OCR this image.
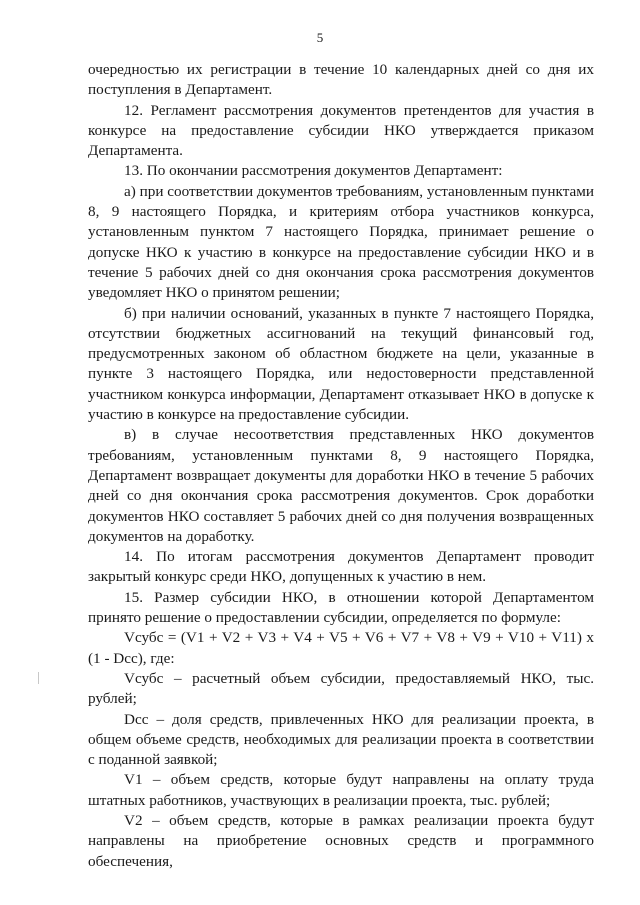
5

очередностью их регистрации в течение 10 календарных дней со дня их поступления в Департамент.

12. Регламент рассмотрения документов претендентов для участия в конкурсе на предоставление субсидии НКО утверждается приказом Департамента.

13. По окончании рассмотрения документов Департамент:

а) при соответствии документов требованиям, установленным пунктами 8, 9 настоящего Порядка, и критериям отбора участников конкурса, установленным пунктом 7 настоящего Порядка, принимает решение о допуске НКО к участию в конкурсе на предоставление субсидии НКО и в течение 5 рабочих дней со дня окончания срока рассмотрения документов уведомляет НКО о принятом решении;

б) при наличии оснований, указанных в пункте 7 настоящего Порядка, отсутствии бюджетных ассигнований на текущий финансовый год, предусмотренных законом об областном бюджете на цели, указанные в пункте 3 настоящего Порядка, или недостоверности представленной участником конкурса информации, Департамент отказывает НКО в допуске к участию в конкурсе на предоставление субсидии.

в) в случае несоответствия представленных НКО документов требованиям, установленным пунктами 8, 9 настоящего Порядка, Департамент возвращает документы для доработки НКО в течение 5 рабочих дней со дня окончания срока рассмотрения документов. Срок доработки документов НКО составляет 5 рабочих дней со дня получения возвращенных документов на доработку.

14. По итогам рассмотрения документов Департамент проводит закрытый конкурс среди НКО, допущенных к участию в нем.

15. Размер субсидии НКО, в отношении которой Департаментом принято решение о предоставлении субсидии, определяется по формуле:

Vсубс = (V1 + V2 + V3 + V4 + V5 + V6 + V7 + V8 + V9 + V10 + V11) x (1 - Dcc), где:

Vсубс – расчетный объем субсидии, предоставляемый НКО, тыс. рублей;

Dcc – доля средств, привлеченных НКО для реализации проекта, в общем объеме средств, необходимых для реализации проекта в соответствии с поданной заявкой;

V1 – объем средств, которые будут направлены на оплату труда штатных работников, участвующих в реализации проекта, тыс. рублей;

V2 – объем средств, которые в рамках реализации проекта будут направлены на приобретение основных средств и программного обеспечения,
